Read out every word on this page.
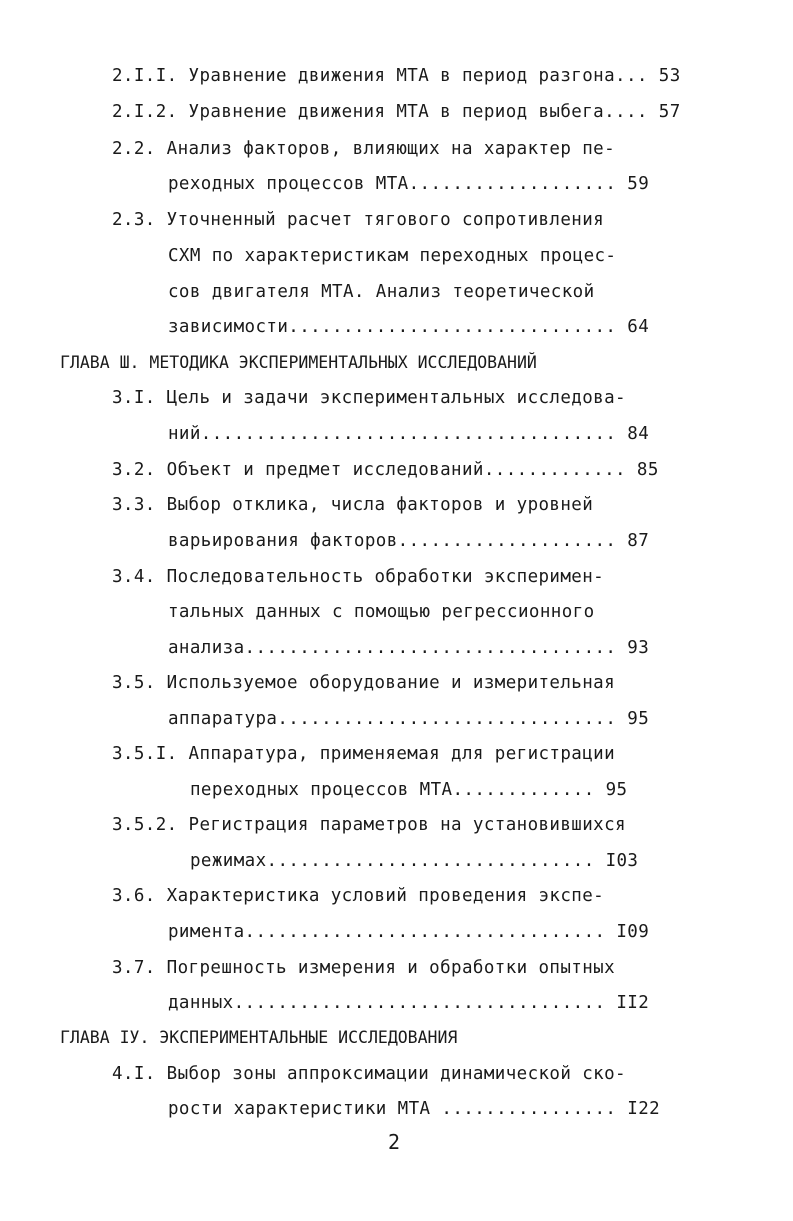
2.I.I. Уравнение движения МТА в период разгона... 53
2.I.2. Уравнение движения МТА в период выбега.... 57
2.2. Анализ факторов, влияющих на характер пе-
реходных процессов МТА................... 59
2.3. Уточненный расчет тягового сопротивления
СХМ по характеристикам переходных процес-
сов двигателя МТА. Анализ теоретической
зависимости.............................. 64
ГЛАВА Ш. МЕТОДИКА ЭКСПЕРИМЕНТАЛЬНЫХ ИССЛЕДОВАНИЙ
3.I. Цель и задачи экспериментальных исследова-
ний...................................... 84
3.2. Объект и предмет исследований............. 85
3.3. Выбор отклика, числа факторов и уровней
варьирования факторов.................... 87
3.4. Последовательность обработки эксперимен-
тальных данных с помощью регрессионного
анализа.................................. 93
3.5. Используемое оборудование и измерительная
аппаратура............................... 95
3.5.I. Аппаратура, применяемая для регистрации
переходных процессов МТА............. 95
3.5.2. Регистрация параметров на установившихся
режимах.............................. I03
3.6. Характеристика условий проведения экспе-
римента................................. I09
3.7. Погрешность измерения и обработки опытных
данных.................................. II2
ГЛАВА IУ. ЭКСПЕРИМЕНТАЛЬНЫЕ ИССЛЕДОВАНИЯ
4.I. Выбор зоны аппроксимации динамической ско-
рости характеристики МТА ................ I22
2
